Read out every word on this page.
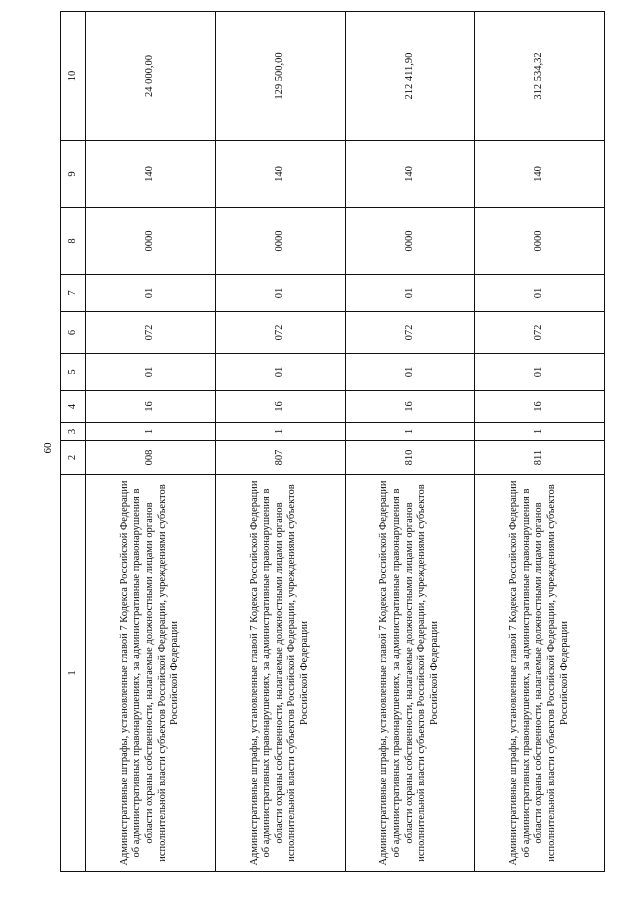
60
1	2	3	4	5	6	7	8	9	10
Административные штрафы, установленные главой 7 Кодекса Российской Федерации об административных правонарушениях, за административные правонарушения в области охраны собственности, налагаемые должностными лицами органов исполнительной власти субъектов Российской Федерации, учреждениями субъектов Российской Федерации	008	1	16	01	072	01	0000	140	24 000,00
Административные штрафы, установленные главой 7 Кодекса Российской Федерации об административных правонарушениях, за административные правонарушения в области охраны собственности, налагаемые должностными лицами органов исполнительной власти субъектов Российской Федерации, учреждениями субъектов Российской Федерации	807	1	16	01	072	01	0000	140	129 500,00
Административные штрафы, установленные главой 7 Кодекса Российской Федерации об административных правонарушениях, за административные правонарушения в области охраны собственности, налагаемые должностными лицами органов исполнительной власти субъектов Российской Федерации, учреждениями субъектов Российской Федерации	810	1	16	01	072	01	0000	140	212 411,90
Административные штрафы, установленные главой 7 Кодекса Российской Федерации об административных правонарушениях, за административные правонарушения в области охраны собственности, налагаемые должностными лицами органов исполнительной власти субъектов Российской Федерации, учреждениями субъектов Российской Федерации	811	1	16	01	072	01	0000	140	312 534,32
